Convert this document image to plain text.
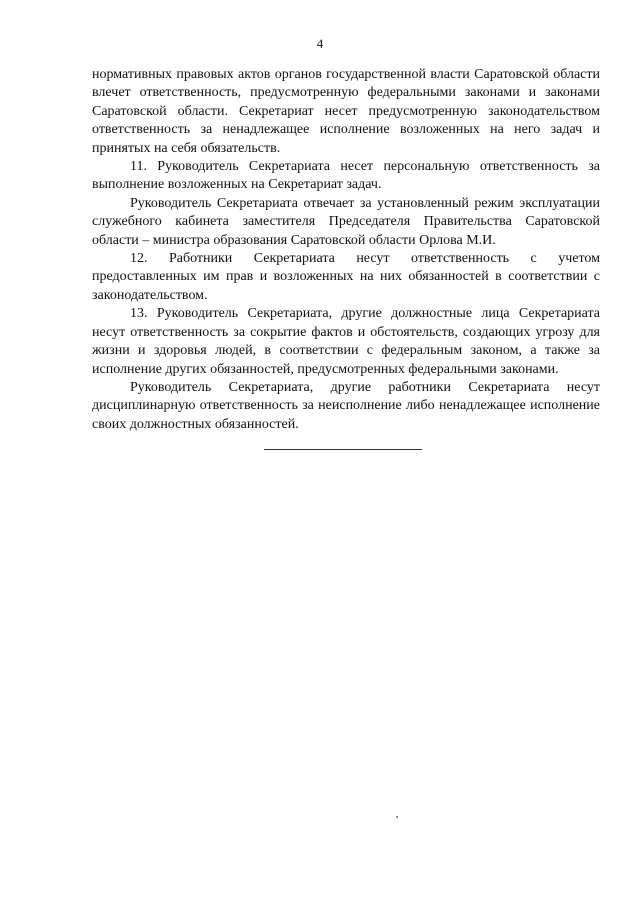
4

нормативных правовых актов органов государственной власти Саратовской области влечет ответственность, предусмотренную федеральными законами и законами Саратовской области. Секретариат несет предусмотренную законодательством ответственность за ненадлежащее исполнение возложенных на него задач и принятых на себя обязательств.

11. Руководитель Секретариата несет персональную ответственность за выполнение возложенных на Секретариат задач.

Руководитель Секретариата отвечает за установленный режим эксплуатации служебного кабинета заместителя Председателя Правительства Саратовской области – министра образования Саратовской области Орлова М.И.

12. Работники Секретариата несут ответственность с учетом предоставленных им прав и возложенных на них обязанностей в соответствии с законодательством.

13. Руководитель Секретариата, другие должностные лица Секретариата несут ответственность за сокрытие фактов и обстоятельств, создающих угрозу для жизни и здоровья людей, в соответствии с федеральным законом, а также за исполнение других обязанностей, предусмотренных федеральными законами.

Руководитель Секретариата, другие работники Секретариата несут дисциплинарную ответственность за неисполнение либо ненадлежащее исполнение своих должностных обязанностей.
